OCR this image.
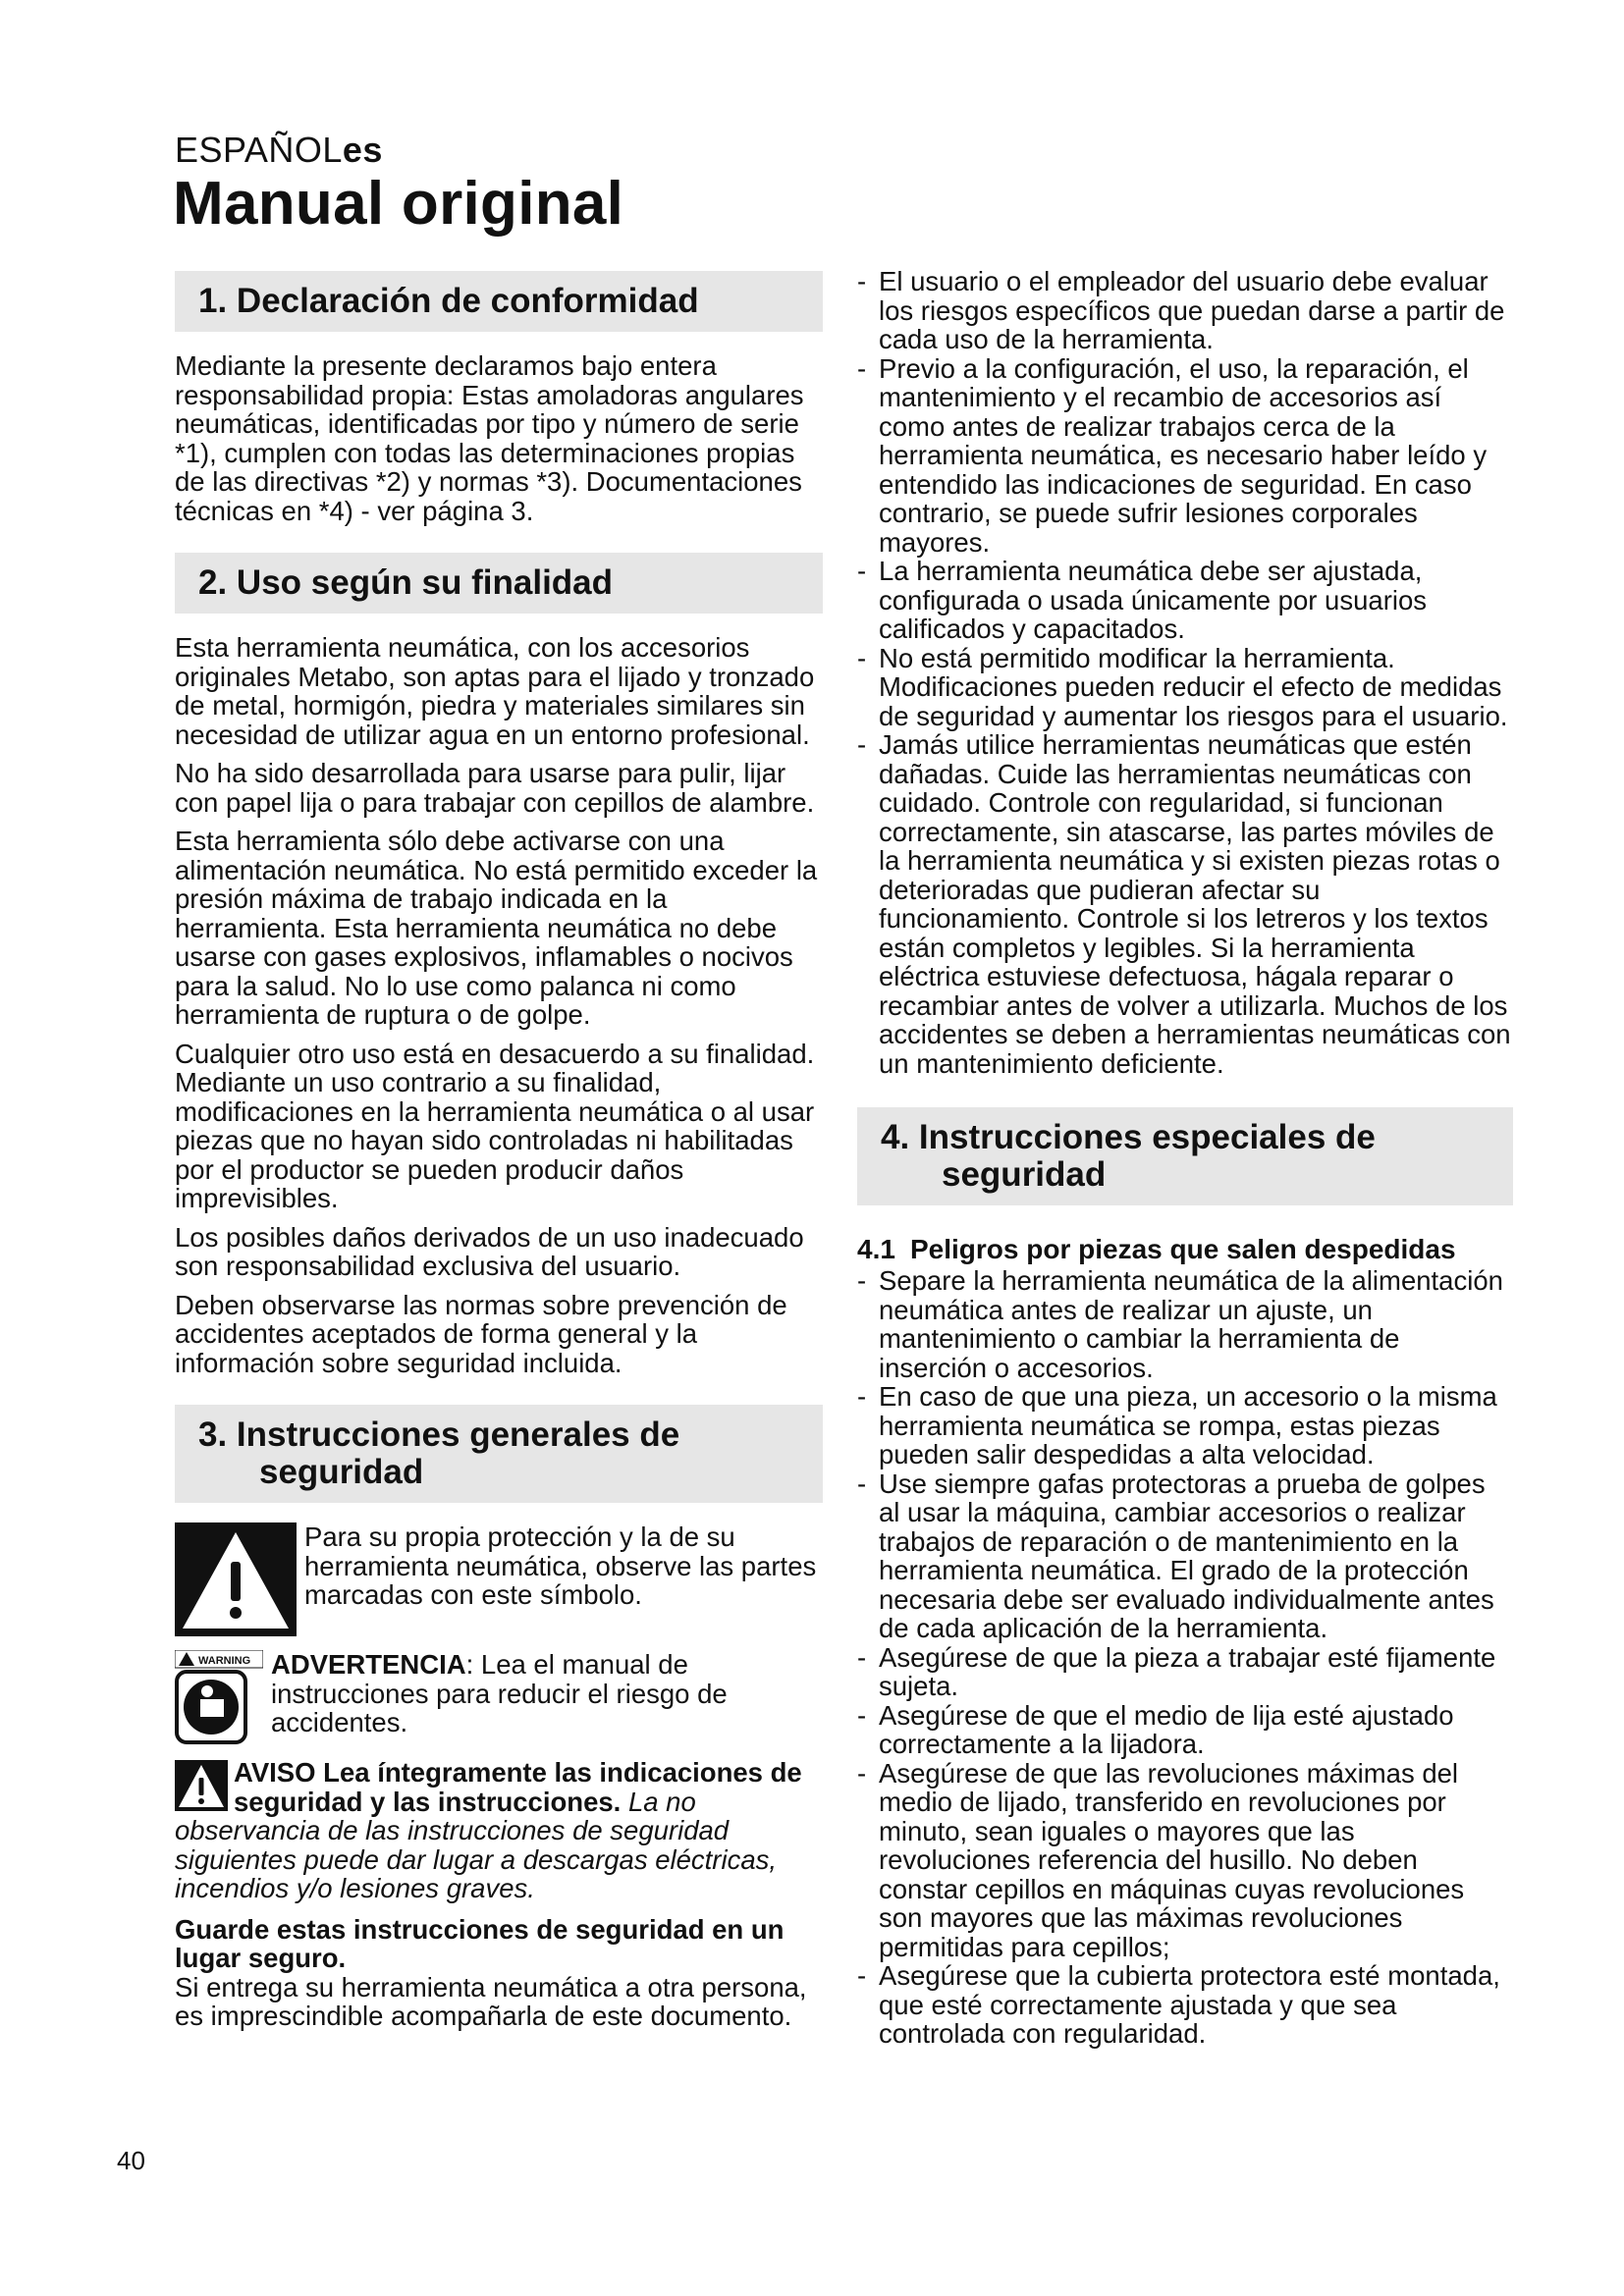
ESPAÑOLes
Manual original
1. Declaración de conformidad

Mediante la presente declaramos bajo entera responsabilidad propia: Estas amoladoras angulares neumáticas, identificadas por tipo y número de serie *1), cumplen con todas las determinaciones propias de las directivas *2) y normas *3). Documentaciones técnicas en *4) - ver página 3.

2. Uso según su finalidad

Esta herramienta neumática, con los accesorios originales Metabo, son aptas para el lijado y tronzado de metal, hormigón, piedra y materiales similares sin necesidad de utilizar agua en un entorno profesional.

No ha sido desarrollada para usarse para pulir, lijar con papel lija o para trabajar con cepillos de alambre.

Esta herramienta sólo debe activarse con una alimentación neumática. No está permitido exceder la presión máxima de trabajo indicada en la herramienta. Esta herramienta neumática no debe usarse con gases explosivos, inflamables o nocivos para la salud. No lo use como palanca ni como herramienta de ruptura o de golpe.

Cualquier otro uso está en desacuerdo a su finalidad. Mediante un uso contrario a su finalidad, modificaciones en la herramienta neumática o al usar piezas que no hayan sido controladas ni habilitadas por el productor se pueden producir daños imprevisibles.

Los posibles daños derivados de un uso inadecuado son responsabilidad exclusiva del usuario.

Deben observarse las normas sobre prevención de accidentes aceptados de forma general y la información sobre seguridad incluida.

3. Instrucciones generales de
seguridad
Para su propia protección y la de su herramienta neumática, observe las partes marcadas con este símbolo.
WARNING ADVERTENCIA: Lea el manual de instrucciones para reducir el riesgo de accidentes.
AVISO Lea íntegramente las indicaciones de seguridad y las instrucciones. La no observancia de las instrucciones de seguridad siguientes puede dar lugar a descargas eléctricas, incendios y/o lesiones graves.
Guarde estas instrucciones de seguridad en un lugar seguro.
Si entrega su herramienta neumática a otra persona, es imprescindible acompañarla de este documento.
- El usuario o el empleador del usuario debe evaluar los riesgos específicos que puedan darse a partir de cada uso de la herramienta.
- Previo a la configuración, el uso, la reparación, el mantenimiento y el recambio de accesorios así como antes de realizar trabajos cerca de la herramienta neumática, es necesario haber leído y entendido las indicaciones de seguridad. En caso contrario, se puede sufrir lesiones corporales mayores.
- La herramienta neumática debe ser ajustada, configurada o usada únicamente por usuarios calificados y capacitados.
- No está permitido modificar la herramienta. Modificaciones pueden reducir el efecto de medidas de seguridad y aumentar los riesgos para el usuario.
- Jamás utilice herramientas neumáticas que estén dañadas. Cuide las herramientas neumáticas con cuidado. Controle con regularidad, si funcionan correctamente, sin atascarse, las partes móviles de la herramienta neumática y si existen piezas rotas o deterioradas que pudieran afectar su funcionamiento. Controle si los letreros y los textos están completos y legibles. Si la herramienta eléctrica estuviese defectuosa, hágala reparar o recambiar antes de volver a utilizarla. Muchos de los accidentes se deben a herramientas neumáticas con un mantenimiento deficiente.
4. Instrucciones especiales de
seguridad
4.1 Peligros por piezas que salen despedidas
- Separe la herramienta neumática de la alimentación neumática antes de realizar un ajuste, un mantenimiento o cambiar la herramienta de inserción o accesorios.
- En caso de que una pieza, un accesorio o la misma herramienta neumática se rompa, estas piezas pueden salir despedidas a alta velocidad.
- Use siempre gafas protectoras a prueba de golpes al usar la máquina, cambiar accesorios o realizar trabajos de reparación o de mantenimiento en la herramienta neumática. El grado de la protección necesaria debe ser evaluado individualmente antes de cada aplicación de la herramienta.
- Asegúrese de que la pieza a trabajar esté fijamente sujeta.
- Asegúrese de que el medio de lija esté ajustado correctamente a la lijadora.
- Asegúrese de que las revoluciones máximas del medio de lijado, transferido en revoluciones por minuto, sean iguales o mayores que las revoluciones referencia del husillo. No deben constar cepillos en máquinas cuyas revoluciones son mayores que las máximas revoluciones permitidas para cepillos;
- Asegúrese que la cubierta protectora esté montada, que esté correctamente ajustada y que sea controlada con regularidad.
40
